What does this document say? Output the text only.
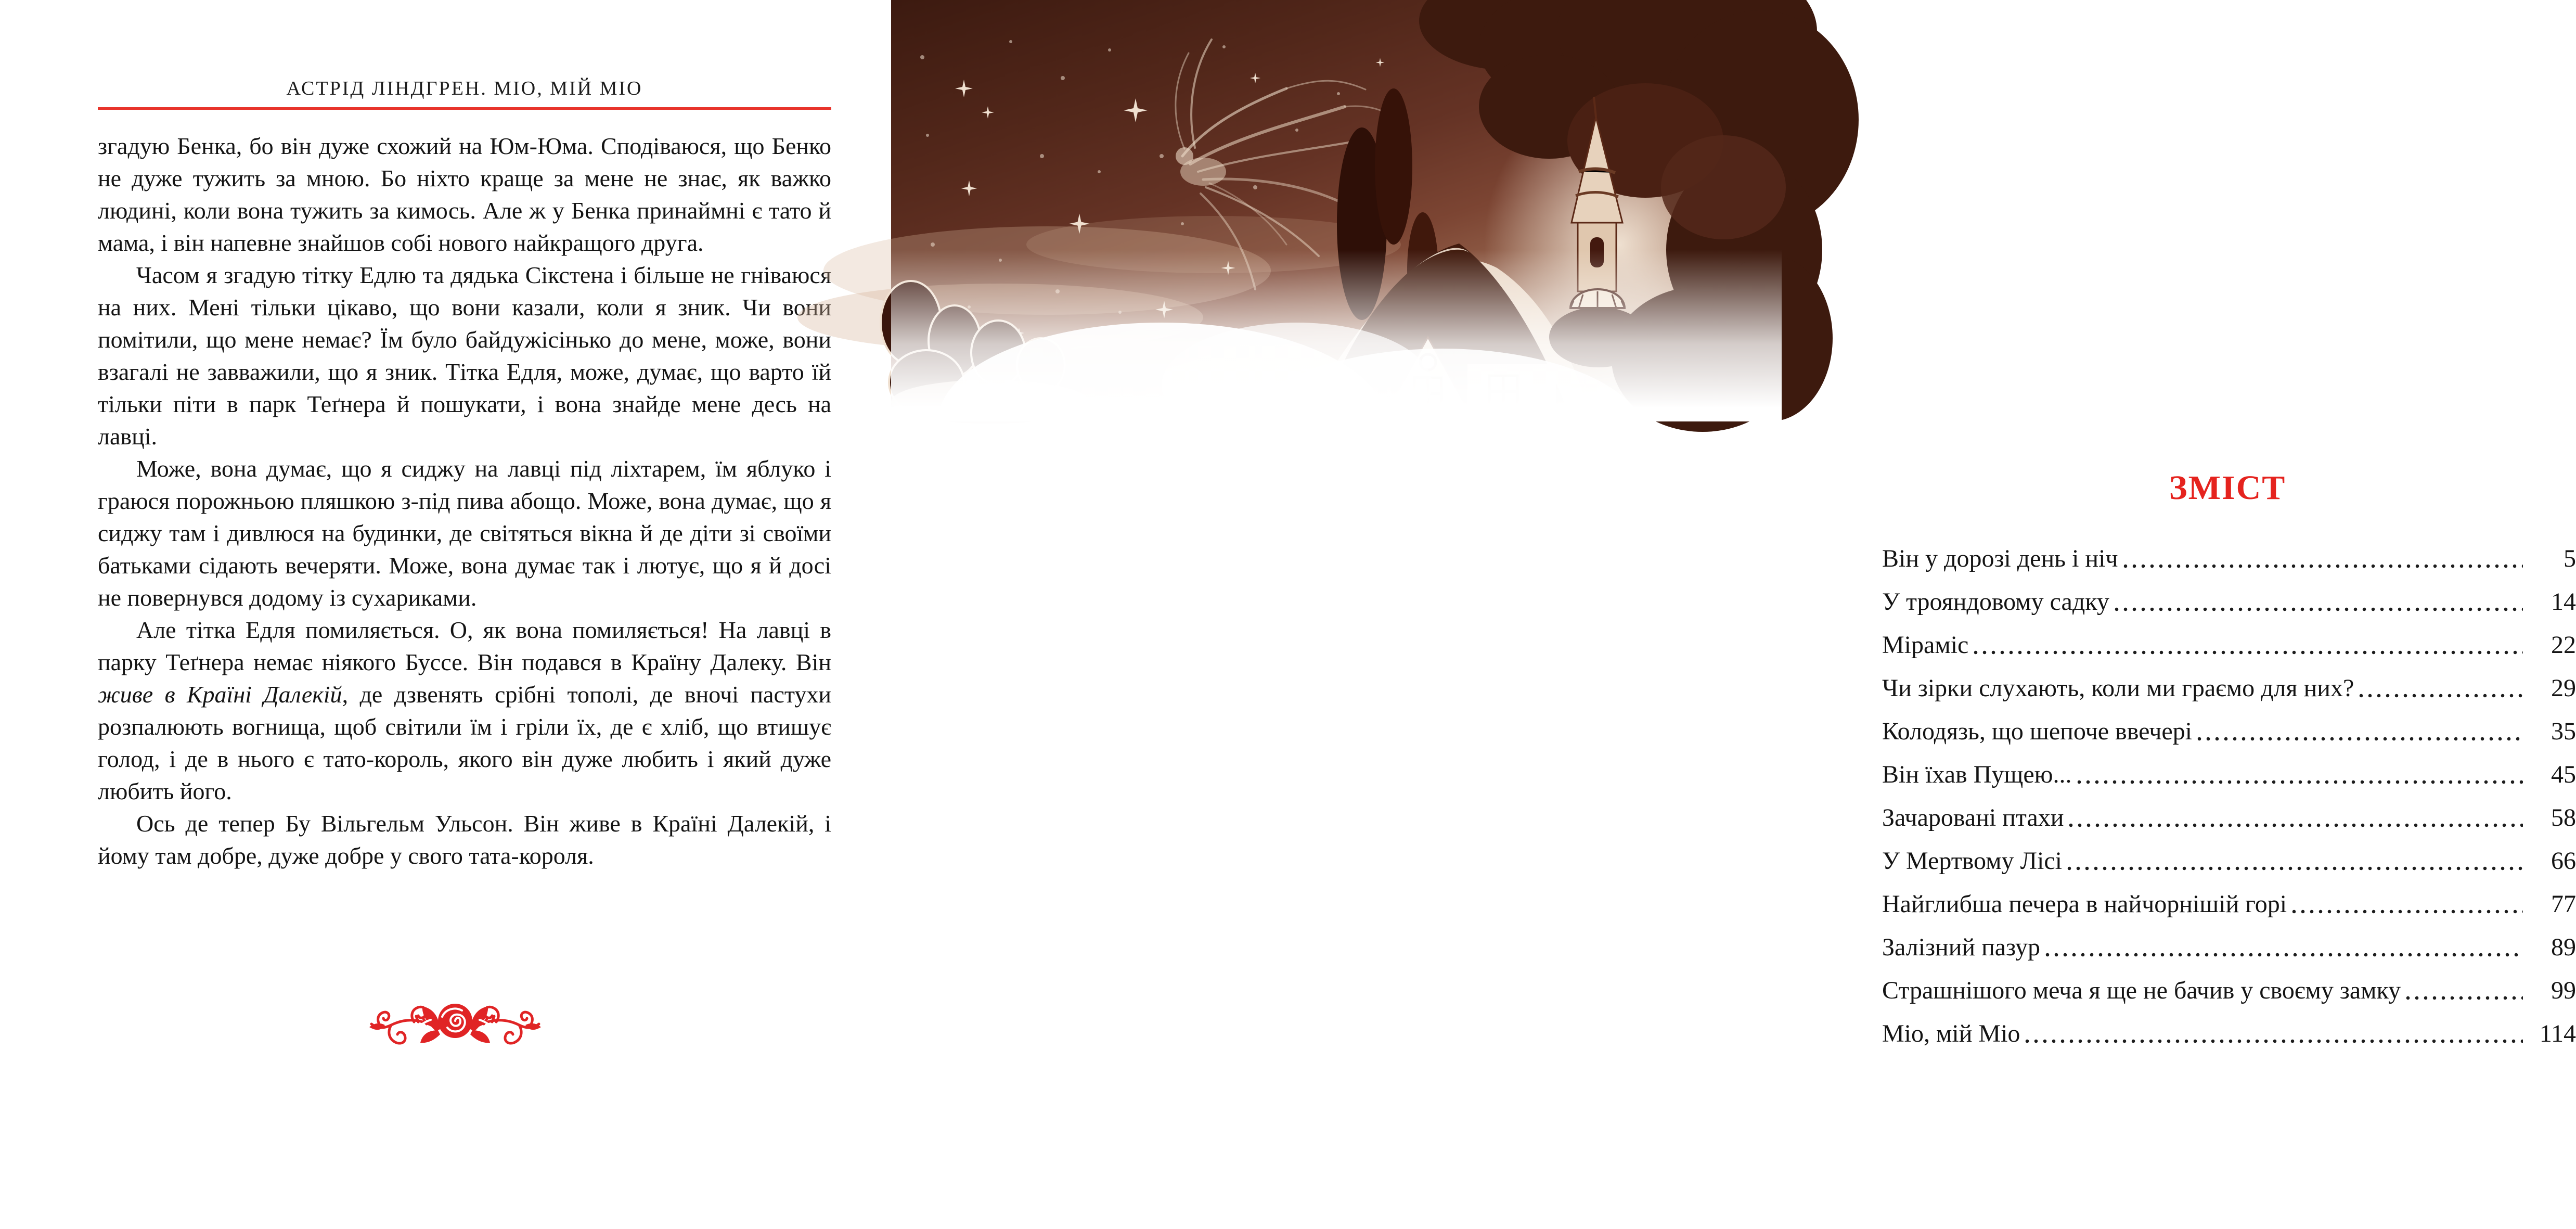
АСТРІД ЛІНДГРЕН. МІО, МІЙ МІО

згадую Бенка, бо він дуже схожий на Юм-Юма. Сподіваюся, що Бенко не дуже тужить за мною. Бо ніхто краще за мене не знає, як важко людині, коли вона тужить за кимось. Але ж у Бенка принаймні є тато й мама, і він напевне знайшов собі нового найкращого друга.

Часом я згадую тітку Едлю та дядька Сікстена і більше не гніваюся на них. Мені тільки цікаво, що вони казали, коли я зник. Чи вони помітили, що мене немає? Їм було байдужісінько до мене, може, вони взагалі не завважили, що я зник. Тітка Едля, може, думає, що варто їй тільки піти в парк Теґнера й пошукати, і вона знайде мене десь на лавці.

Може, вона думає, що я сиджу на лавці під ліхтарем, їм яблуко і граюся порожньою пляшкою з-під пива абощо. Може, вона думає, що я сиджу там і дивлюся на будинки, де світяться вікна й де діти зі своїми батьками сідають вечеряти. Може, вона думає так і лютує, що я й досі не повернувся додому із сухариками.

Але тітка Едля помиляється. О, як вона помиляється! На лавці в парку Теґнера немає ніякого Буссе. Він подався в Країну Далеку. Він живе в Країні Далекій, де дзвенять срібні тополі, де вночі пастухи розпалюють вогнища, щоб світили їм і гріли їх, де є хліб, що втишує голод, і де в нього є тато-король, якого він дуже любить і який дуже любить його.

Ось де тепер Бу Вільгельм Ульсон. Він живе в Країні Далекій, і йому там добре, дуже добре у свого тата-короля.

ЗМІСТ
Він у дорозі день і ніч	5
У трояндовому садку	14
Міраміс	22
Чи зірки слухають, коли ми граємо для них?	29
Колодязь, що шепоче ввечері	35
Він їхав Пущею...	45
Зачаровані птахи	58
У Мертвому Лісі	66
Найглибша печера в найчорнішій горі	77
Залізний пазур	89
Страшнішого меча я ще не бачив у своєму замку	99
Міо, мій Міо	114
